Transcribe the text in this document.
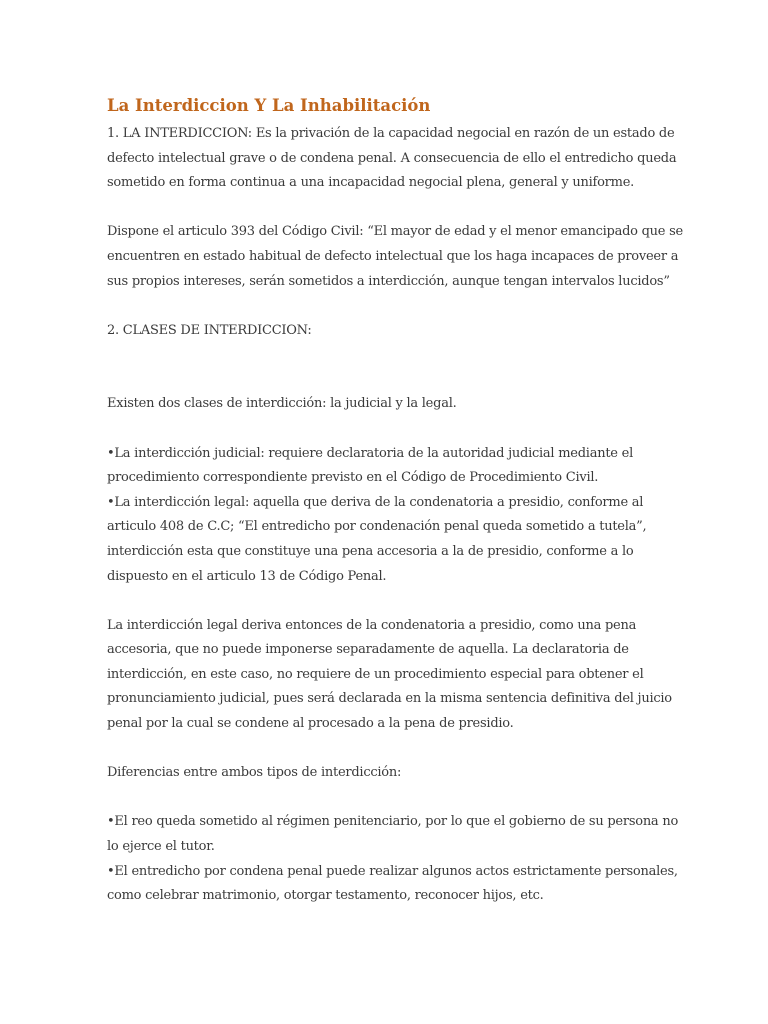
La Interdiccion Y La Inhabilitación

1. LA INTERDICCION: Es la privación de la capacidad negocial en razón de un estado de
defecto intelectual grave o de condena penal. A consecuencia de ello el entredicho queda
sometido en forma continua a una incapacidad negocial plena, general y uniforme.

Dispone el articulo 393 del Código Civil: “El mayor de edad y el menor emancipado que se
encuentren en estado habitual de defecto intelectual que los haga incapaces de proveer a
sus propios intereses, serán sometidos a interdicción, aunque tengan intervalos lucidos”

2. CLASES DE INTERDICCION:

Existen dos clases de interdicción: la judicial y la legal.

•La interdicción judicial: requiere declaratoria de la autoridad judicial mediante el
procedimiento correspondiente previsto en el Código de Procedimiento Civil.
•La interdicción legal: aquella que deriva de la condenatoria a presidio, conforme al
articulo 408 de C.C; “El entredicho por condenación penal queda sometido a tutela”,
interdicción esta que constituye una pena accesoria a la de presidio, conforme a lo
dispuesto en el articulo 13 de Código Penal.

La interdicción legal deriva entonces de la condenatoria a presidio, como una pena
accesoria, que no puede imponerse separadamente de aquella. La declaratoria de
interdicción, en este caso, no requiere de un procedimiento especial para obtener el
pronunciamiento judicial, pues será declarada en la misma sentencia definitiva del juicio
penal por la cual se condene al procesado a la pena de presidio.

Diferencias entre ambos tipos de interdicción:

•El reo queda sometido al régimen penitenciario, por lo que el gobierno de su persona no
lo ejerce el tutor.
•El entredicho por condena penal puede realizar algunos actos estrictamente personales,
como celebrar matrimonio, otorgar testamento, reconocer hijos, etc.
